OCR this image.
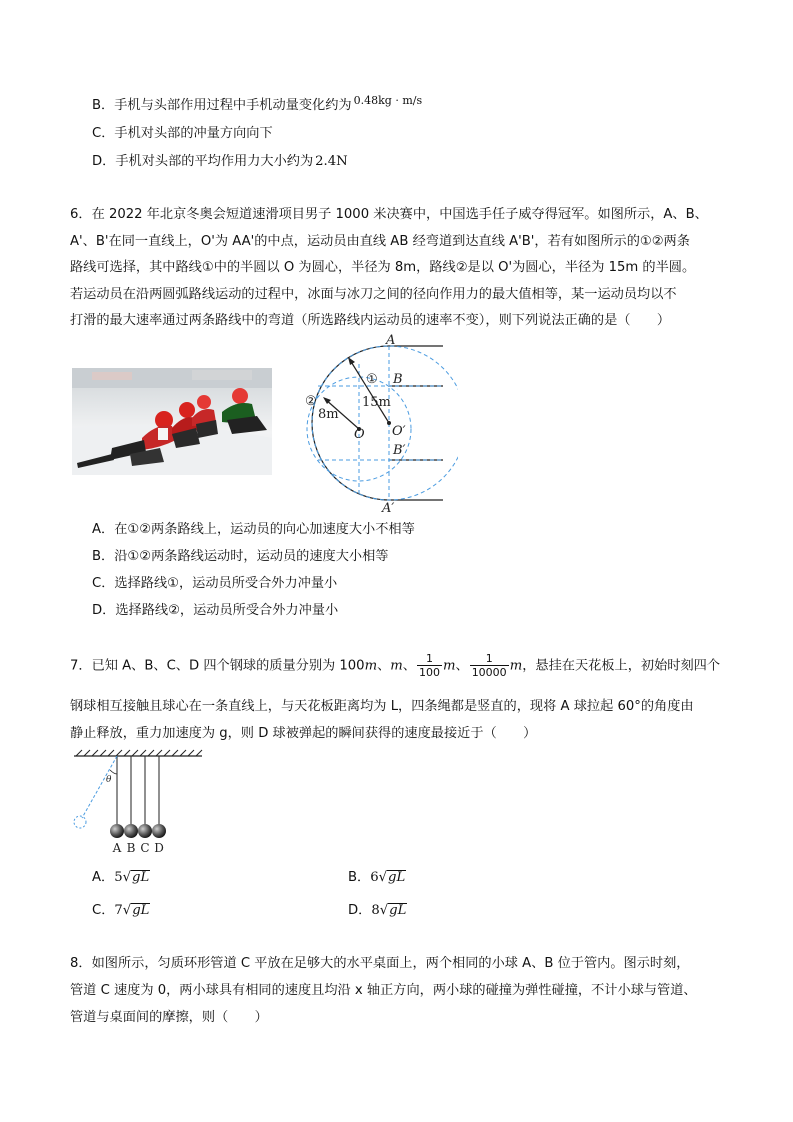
B．手机与头部作用过程中手机动量变化约为 $^{0.48kg \cdot m/s}$
C．手机对头部的冲量方向向下
D．手机对头部的平均作用力大小约为 2.4N
6．在 2022 年北京冬奥会短道速滑项目男子 1000 米决赛中，中国选手任子威夺得冠军。如图所示，A、B、
A'、B'在同一直线上，O'为 AA'的中点，运动员由直线 AB 经弯道到达直线 A'B'，若有如图所示的①②两条
路线可选择，其中路线①中的半圆以 O 为圆心，半径为 8m，路线②是以 O'为圆心，半径为 15m 的半圆。
若运动员在沿两圆弧路线运动的过程中，冰面与冰刀之间的径向作用力的最大值相等，某一运动员均以不
打滑的最大速率通过两条路线中的弯道（所选路线内运动员的速率不变），则下列说法正确的是（　　）
A
B
B′
A′
O O′
8m
15m
①
②
A．在①②两条路线上，运动员的向心加速度大小不相等
B．沿①②两条路线运动时，运动员的速度大小相等
C．选择路线①，运动员所受合外力冲量小
D．选择路线②，运动员所受合外力冲量小
7．已知 A、B、C、D 四个钢球的质量分别为 100m、m、 $\frac{1}{100}$ m、 $\frac{1}{10000}$ m，悬挂在天花板上，初始时刻四个
钢球相互接触且球心在一条直线上，与天花板距离均为 L，四条绳都是竖直的，现将 A 球拉起 60°的角度由
静止释放，重力加速度为 g，则 D 球被弹起的瞬间获得的速度最接近于（　　）
θ
A B C D
A．5√gL	B．6√gL
C．7√gL	D．8√gL
8．如图所示，匀质环形管道 C 平放在足够大的水平桌面上，两个相同的小球 A、B 位于管内。图示时刻，
管道 C 速度为 0，两小球具有相同的速度且均沿 x 轴正方向，两小球的碰撞为弹性碰撞，不计小球与管道、
管道与桌面间的摩擦，则（　　）
